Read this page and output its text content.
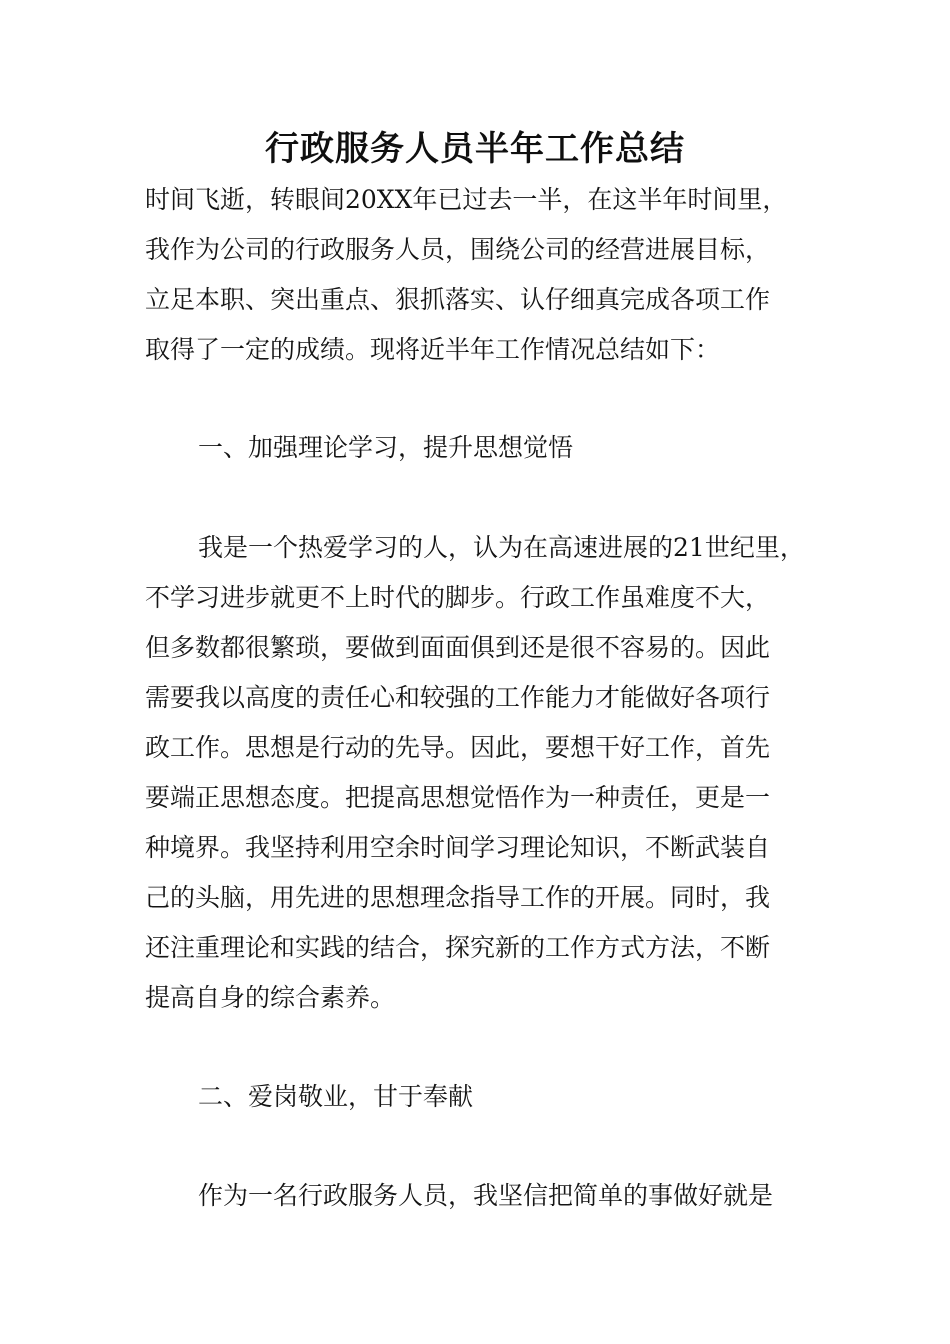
行政服务人员半年工作总结

时间飞逝，转眼间20XX年已过去一半，在这半年时间里，

我作为公司的行政服务人员，围绕公司的经营进展目标，

立足本职、突出重点、狠抓落实、认仔细真完成各项工作

取得了一定的成绩。现将近半年工作情况总结如下：

一、加强理论学习，提升思想觉悟

我是一个热爱学习的人，认为在高速进展的21世纪里，

不学习进步就更不上时代的脚步。行政工作虽难度不大，

但多数都很繁琐，要做到面面俱到还是很不容易的。因此

需要我以高度的责任心和较强的工作能力才能做好各项行

政工作。思想是行动的先导。因此，要想干好工作，首先

要端正思想态度。把提高思想觉悟作为一种责任，更是一

种境界。我坚持利用空余时间学习理论知识，不断武装自

己的头脑，用先进的思想理念指导工作的开展。同时，我

还注重理论和实践的结合，探究新的工作方式方法，不断

提高自身的综合素养。

二、爱岗敬业，甘于奉献

作为一名行政服务人员，我坚信把简单的事做好就是
